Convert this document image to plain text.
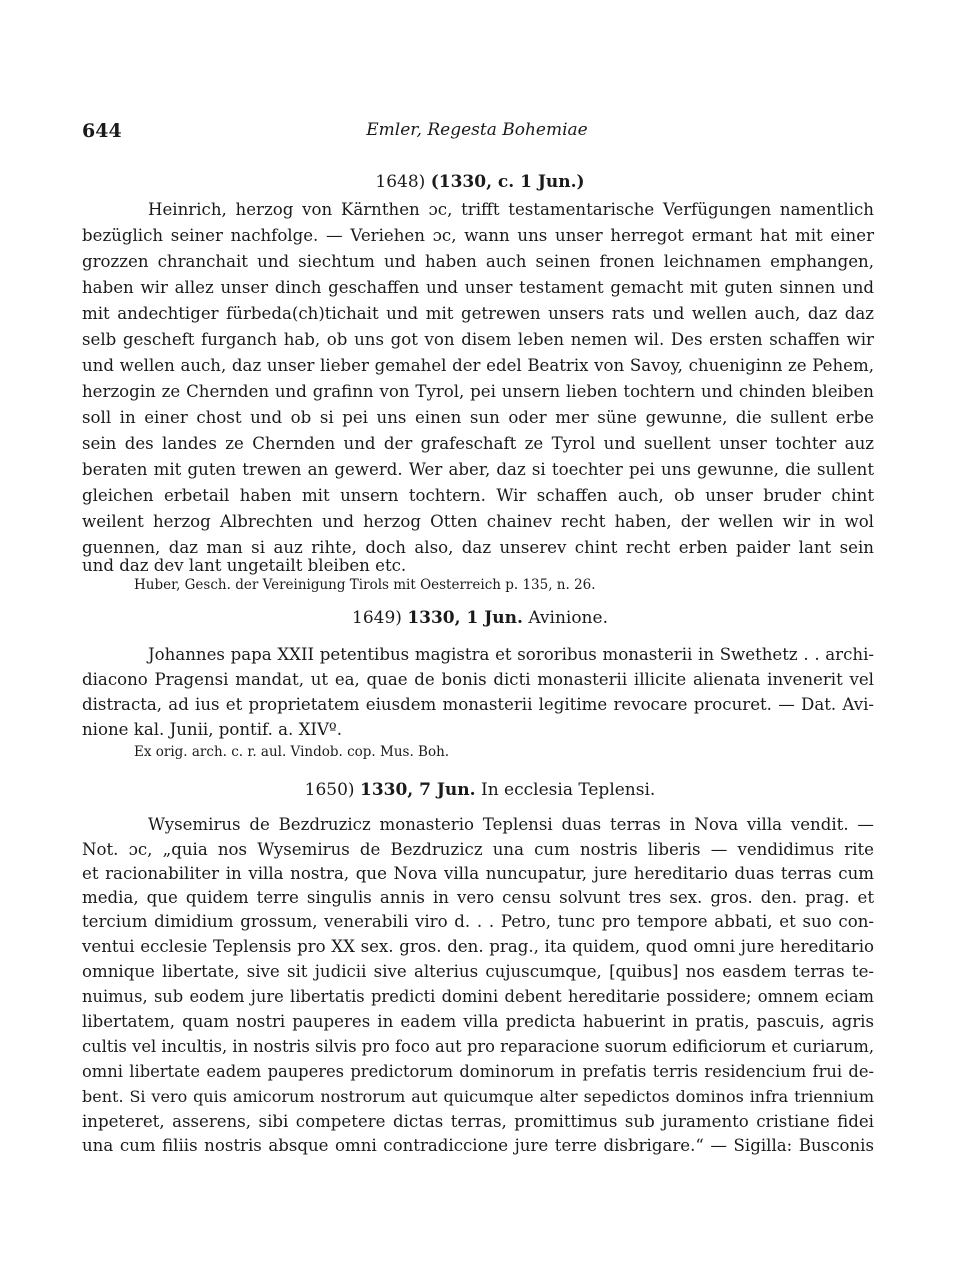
644	Emler, Regesta Bohemiae
1648) (1330, c. 1 Jun.)
Heinrich, herzog von Kärnthen ɔc, trifft testamentarische Verfügungen namentlich
bezüglich seiner nachfolge. — Veriehen ɔc, wann uns unser herregot ermant hat mit einer
grozzen chranchait und siechtum und haben auch seinen fronen leichnamen emphangen,
haben wir allez unser dinch geschaffen und unser testament gemacht mit guten sinnen und
mit andechtiger fürbeda(ch)tichait und mit getrewen unsers rats und wellen auch, daz daz
selb gescheft furganch hab, ob uns got von disem leben nemen wil. Des ersten schaffen wir
und wellen auch, daz unser lieber gemahel der edel Beatrix von Savoy, chueniginn ze Pehem,
herzogin ze Chernden und grafinn von Tyrol, pei unsern lieben tochtern und chinden bleiben
soll in einer chost und ob si pei uns einen sun oder mer süne gewunne, die sullent erbe
sein des landes ze Chernden und der grafeschaft ze Tyrol und suellent unser tochter auz
beraten mit guten trewen an gewerd. Wer aber, daz si toechter pei uns gewunne, die sullent
gleichen erbetail haben mit unsern tochtern. Wir schaffen auch, ob unser bruder chint
weilent herzog Albrechten und herzog Otten chainev recht haben, der wellen wir in wol
guennen, daz man si auz rihte, doch also, daz unserev chint recht erben paider lant sein
und daz dev lant ungetailt bleiben etc.
Huber, Gesch. der Vereinigung Tirols mit Oesterreich p. 135, n. 26.
1649) 1330, 1 Jun. Avinione.
Johannes papa XXII petentibus magistra et sororibus monasterii in Swethetz . . archi-
diacono Pragensi mandat, ut ea, quae de bonis dicti monasterii illicite alienata invenerit vel
distracta, ad ius et proprietatem eiusdem monasterii legitime revocare procuret. — Dat. Avi-
nione kal. Junii, pontif. a. XIVº.
Ex orig. arch. c. r. aul. Vindob. cop. Mus. Boh.
1650) 1330, 7 Jun. In ecclesia Teplensi.
Wysemirus de Bezdruzicz monasterio Teplensi duas terras in Nova villa vendit. —
Not. ɔc, „quia nos Wysemirus de Bezdruzicz una cum nostris liberis — vendidimus rite
et racionabiliter in villa nostra, que Nova villa nuncupatur, jure hereditario duas terras cum
media, que quidem terre singulis annis in vero censu solvunt tres sex. gros. den. prag. et
tercium dimidium grossum, venerabili viro d. . . Petro, tunc pro tempore abbati, et suo con-
ventui ecclesie Teplensis pro XX sex. gros. den. prag., ita quidem, quod omni jure hereditario
omnique libertate, sive sit judicii sive alterius cujuscumque, [quibus] nos easdem terras te-
nuimus, sub eodem jure libertatis predicti domini debent hereditarie possidere; omnem eciam
libertatem, quam nostri pauperes in eadem villa predicta habuerint in pratis, pascuis, agris
cultis vel incultis, in nostris silvis pro foco aut pro reparacione suorum edificiorum et curiarum,
omni libertate eadem pauperes predictorum dominorum in prefatis terris residencium frui de-
bent. Si vero quis amicorum nostrorum aut quicumque alter sepedictos dominos infra triennium
inpeteret, asserens, sibi competere dictas terras, promittimus sub juramento cristiane fidei
una cum filiis nostris absque omni contradiccione jure terre disbrigare.“ — Sigilla: Busconis
